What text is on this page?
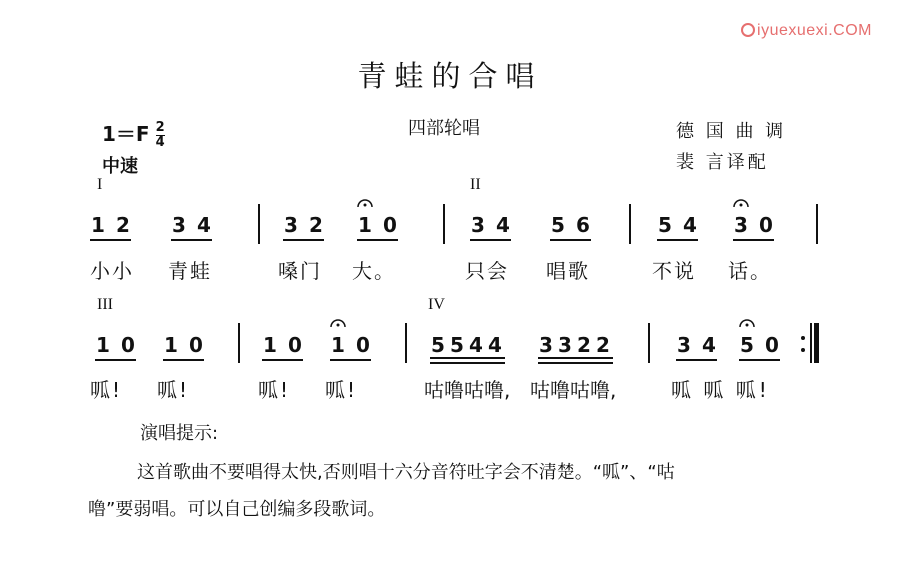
iyuexuexi.COM
青蛙的合唱
$1=F \frac{2}{4}$
中速
四部轮唱	德 国 曲 调
裴 言译配
I	II
III	IV
1 2 3 4	3 2 1 0	3 4 5 6	5 4 3 0
小小 青蛙	嗓门 大。	只会 唱歌	不说 话。
1 0 1 0	1 0 1 0	5 5 4 4 3 3 2 2	3 4 5 0
呱! 呱!	呱! 呱!	咕噜咕噜, 咕噜咕噜,	呱 呱 呱!
演唱提示:
这首歌曲不要唱得太快,否则唱十六分音符吐字会不清楚。“呱”、“咕
噜”要弱唱。可以自己创编多段歌词。
